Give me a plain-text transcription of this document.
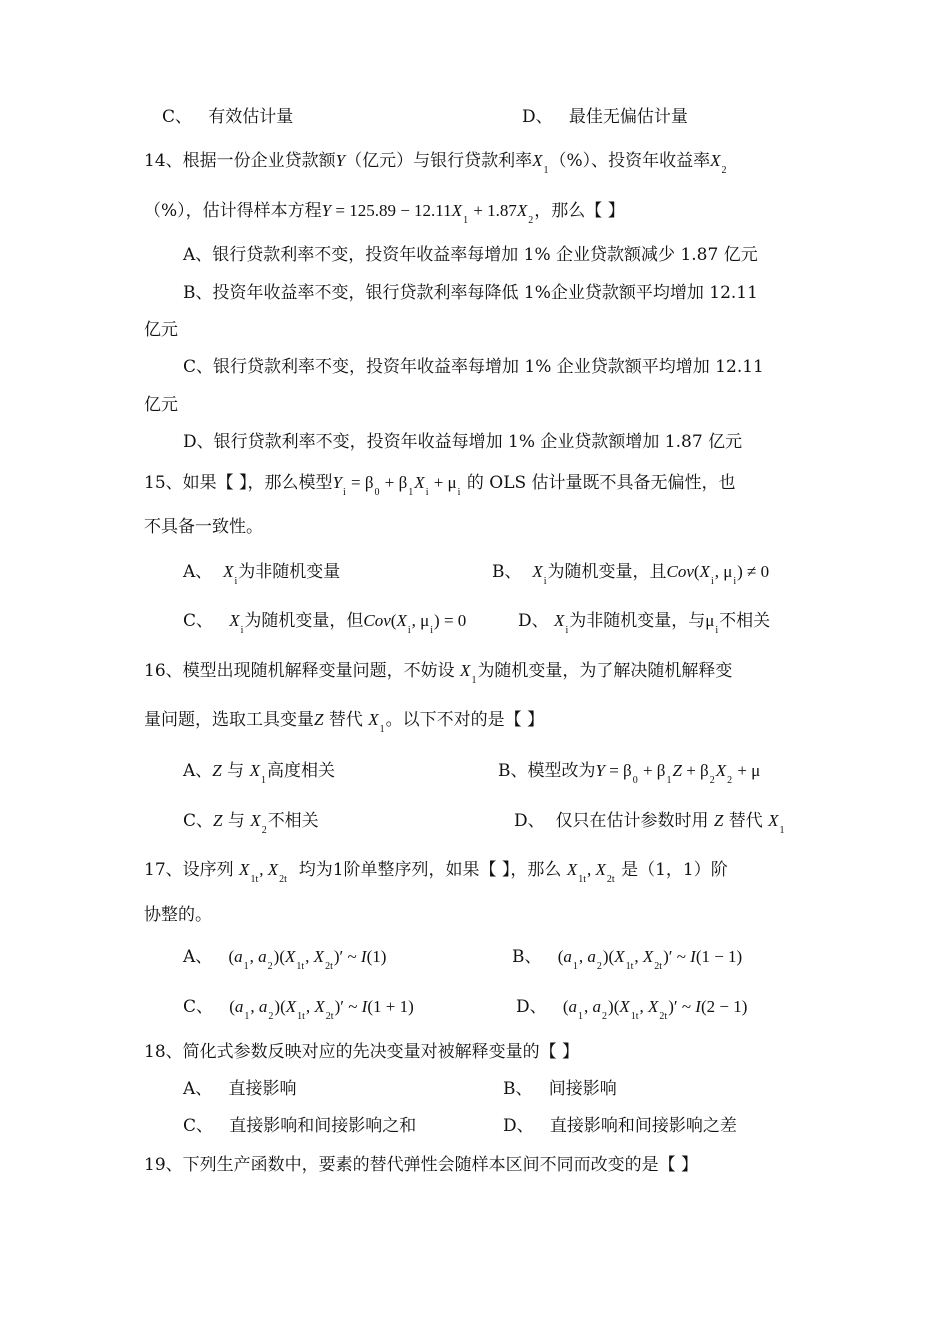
C、 有效估计量	D、 最佳无偏估计量
14、根据一份企业贷款额Y（亿元）与银行贷款利率$X_1(\%)$、投资年收益率$X_2$
（%），估计得样本方程$Y = 125.89 - 12.11X_1 + 1.87X_2$，那么【 】
A、银行贷款利率不变，投资年收益率每增加 1% 企业贷款额减少 1.87 亿元
B、投资年收益率不变，银行贷款利率每降低 1%企业贷款额平均增加 12.11
亿元
C、银行贷款利率不变，投资年收益率每增加 1% 企业贷款额平均增加 12.11
亿元
D、银行贷款利率不变，投资年收益每增加 1% 企业贷款额增加 1.87 亿元
15、如果【 】，那么模型$Y_i = \beta_0 + \beta_1X_i + \mu_i$ 的 OLS 估计量既不具备无偏性，也
不具备一致性。
A、 $X_i$为非随机变量	B、 $X_i$为随机变量，且$Cov(X_i$, $\mu_i) \ne 0$
C、 $X_i$为随机变量，但$Cov(X_i$, $\mu_i) = 0$	D、 $X_i$为非随机变量，与$\mu_i$不相关
16、模型出现随机解释变量问题，不妨设 $X_1$为随机变量，为了解决随机解释变
量问题，选取工具变量Z 替代 $X_1$。以下不对的是【 】
A、Z 与 $X_1$高度相关	B、模型改为$Y = \beta_0 + \beta_1Z + \beta_2X_2 + \mu$
C、Z 与 $X_2$不相关	D、 仅只在估计参数时用 Z 替代 $X_1$
17、设序列 $X_{1t}$, $X_{2t}$ 均为1阶单整序列，如果【 】，那么 $X_{1t}$, $X_{2t}$ 是（1，1）阶
协整的。
A、 ($a_1$, $a_2)(X_{1t}$, $X_{2t})'$ ~ I(1)	B、 ($a_1$, $a_2)(X_{1t}$, $X_{2t})'$ ~ I(1 − 1)
C、 ($a_1$, $a_2)(X_{1t}$, $X_{2t})'$ ~ I(1 + 1)	D、 ($a_1$, $a_2)(X_{1t}$, $X_{2t})'$ ~ I(2 − 1)
18、简化式参数反映对应的先决变量对被解释变量的【 】
A、 直接影响	B、 间接影响
C、 直接影响和间接影响之和	D、 直接影响和间接影响之差
19、下列生产函数中，要素的替代弹性会随样本区间不同而改变的是【 】
